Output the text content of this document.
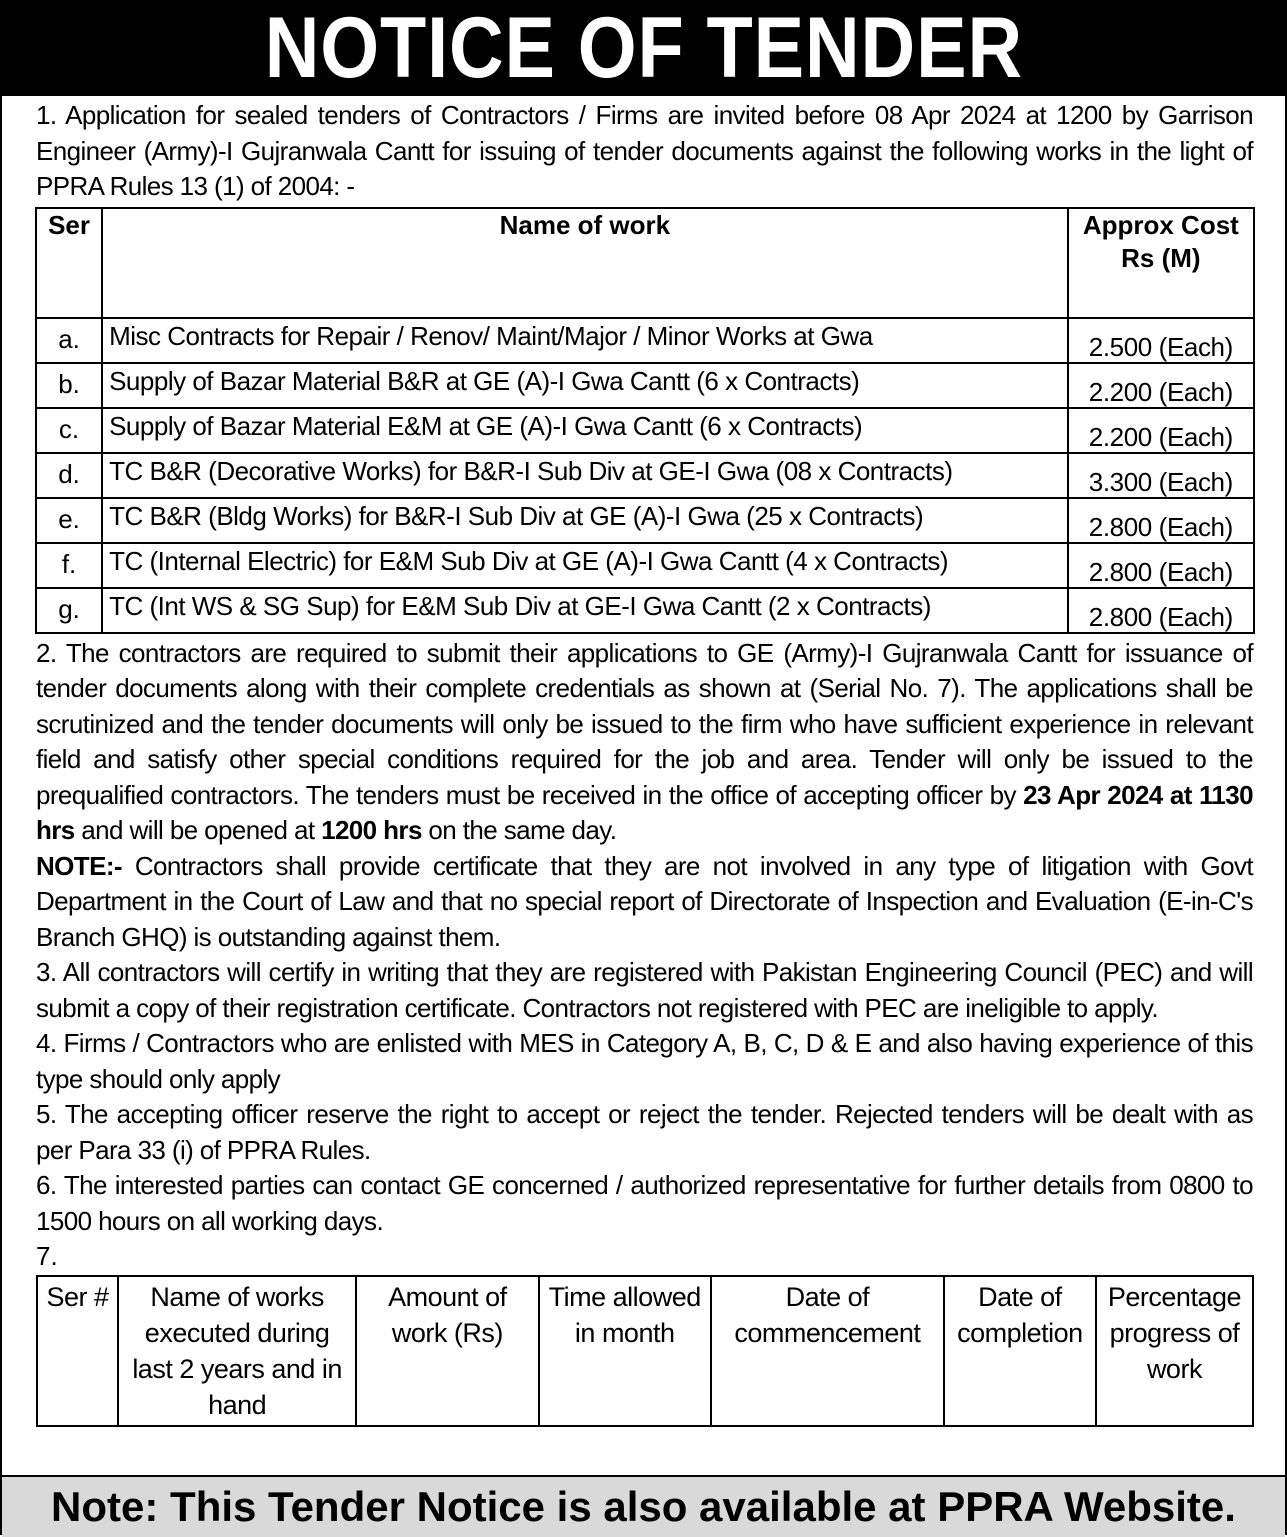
NOTICE OF TENDER

1. Application for sealed tenders of Contractors / Firms are invited before 08 Apr 2024 at 1200 by Garrison Engineer (Army)-I Gujranwala Cantt for issuing of tender documents against the following works in the light of PPRA Rules 13 (1) of 2004: -

Ser	Name of work	Approx Cost Rs (M)
a.	Misc Contracts for Repair / Renov/ Maint/Major / Minor Works at Gwa	2.500 (Each)
b.	Supply of Bazar Material B&R at GE (A)-I Gwa Cantt (6 x Contracts)	2.200 (Each)
c.	Supply of Bazar Material E&M at GE (A)-I Gwa Cantt (6 x Contracts)	2.200 (Each)
d.	TC B&R (Decorative Works) for B&R-I Sub Div at GE-I Gwa (08 x Contracts)	3.300 (Each)
e.	TC B&R (Bldg Works) for B&R-I Sub Div at GE (A)-I Gwa (25 x Contracts)	2.800 (Each)
f.	TC (Internal Electric) for E&M Sub Div at GE (A)-I Gwa Cantt (4 x Contracts)	2.800 (Each)
g.	TC (Int WS & SG Sup) for E&M Sub Div at GE-I Gwa Cantt (2 x Contracts)	2.800 (Each)

2. The contractors are required to submit their applications to GE (Army)-I Gujranwala Cantt for issuance of tender documents along with their complete credentials as shown at (Serial No. 7). The applications shall be scrutinized and the tender documents will only be issued to the firm who have sufficient experience in relevant field and satisfy other special conditions required for the job and area. Tender will only be issued to the prequalified contractors. The tenders must be received in the office of accepting officer by 23 Apr 2024 at 1130 hrs and will be opened at 1200 hrs on the same day.

NOTE:- Contractors shall provide certificate that they are not involved in any type of litigation with Govt Department in the Court of Law and that no special report of Directorate of Inspection and Evaluation (E-in-C's Branch GHQ) is outstanding against them.

3. All contractors will certify in writing that they are registered with Pakistan Engineering Council (PEC) and will submit a copy of their registration certificate. Contractors not registered with PEC are ineligible to apply.

4. Firms / Contractors who are enlisted with MES in Category A, B, C, D & E and also having experience of this type should only apply

5. The accepting officer reserve the right to accept or reject the tender. Rejected tenders will be dealt with as per Para 33 (i) of PPRA Rules.

6. The interested parties can contact GE concerned / authorized representative for further details from 0800 to 1500 hours on all working days.

7.

Ser #	Name of works executed during last 2 years and in hand	Amount of work (Rs)	Time allowed in month	Date of commencement	Date of completion	Percentage progress of work
Note: This Tender Notice is also available at PPRA Website.
